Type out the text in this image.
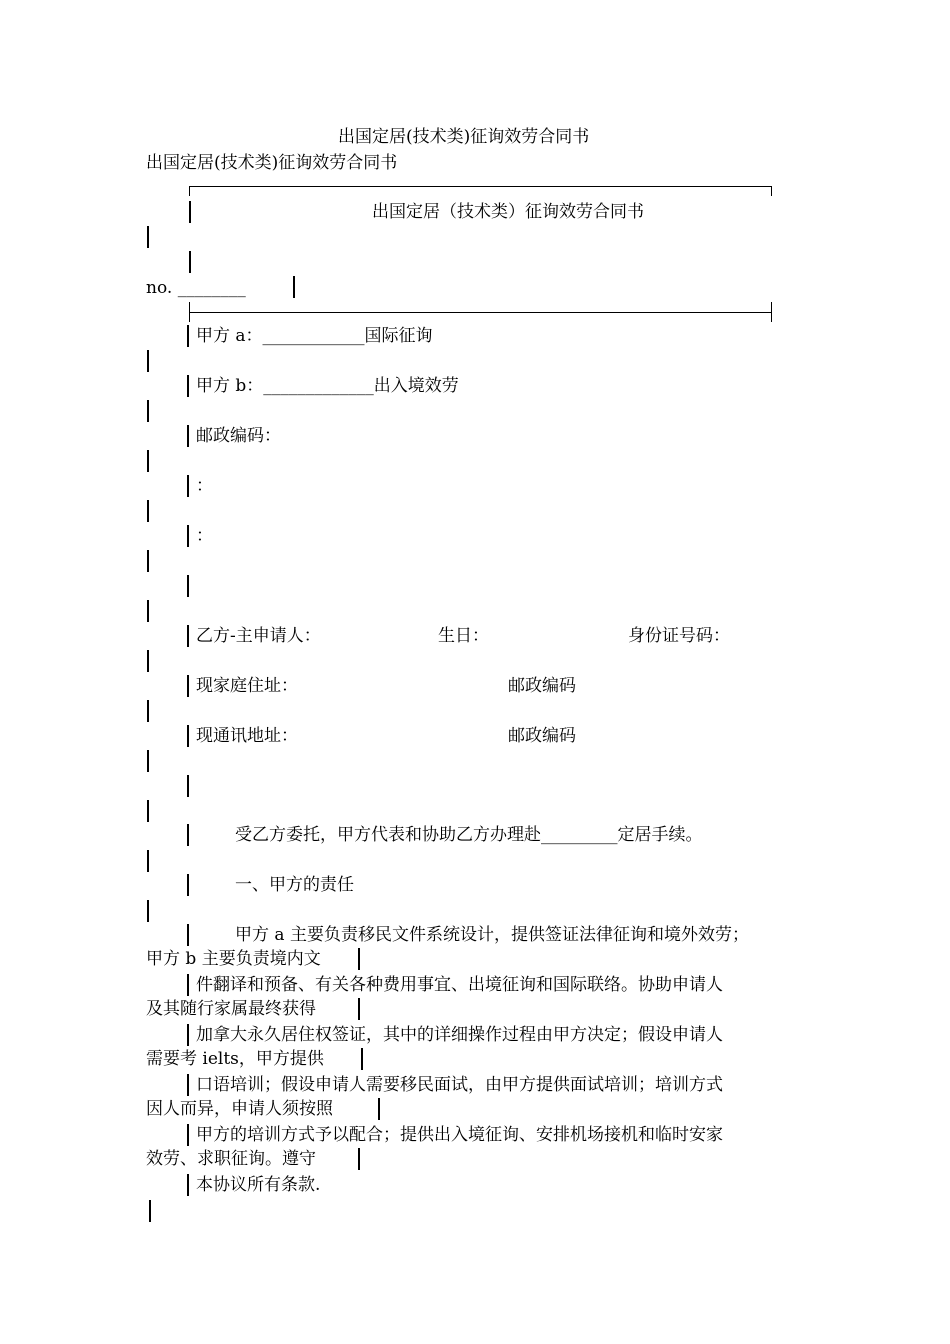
出国定居(技术类)征询效劳合同书
出国定居(技术类)征询效劳合同书
出国定居（技术类）征询效劳合同书
no. ________
甲方 a：____________国际征询
甲方 b：_____________出入境效劳
邮政编码：
：
：
乙方-主申请人：	生日：	身份证号码：
现家庭住址：	邮政编码
现通讯地址：	邮政编码
受乙方委托，甲方代表和协助乙方办理赴_________定居手续。
一、甲方的责任
甲方 a 主要负责移民文件系统设计，提供签证法律征询和境外效劳；
甲方 b 主要负责境内文
件翻译和预备、有关各种费用事宜、出境征询和国际联络。协助申请人
及其随行家属最终获得
加拿大永久居住权签证，其中的详细操作过程由甲方决定；假设申请人
需要考 ielts，甲方提供
口语培训；假设申请人需要移民面试，由甲方提供面试培训；培训方式
因人而异，申请人须按照
甲方的培训方式予以配合；提供出入境征询、安排机场接机和临时安家
效劳、求职征询。遵守
本协议所有条款.
